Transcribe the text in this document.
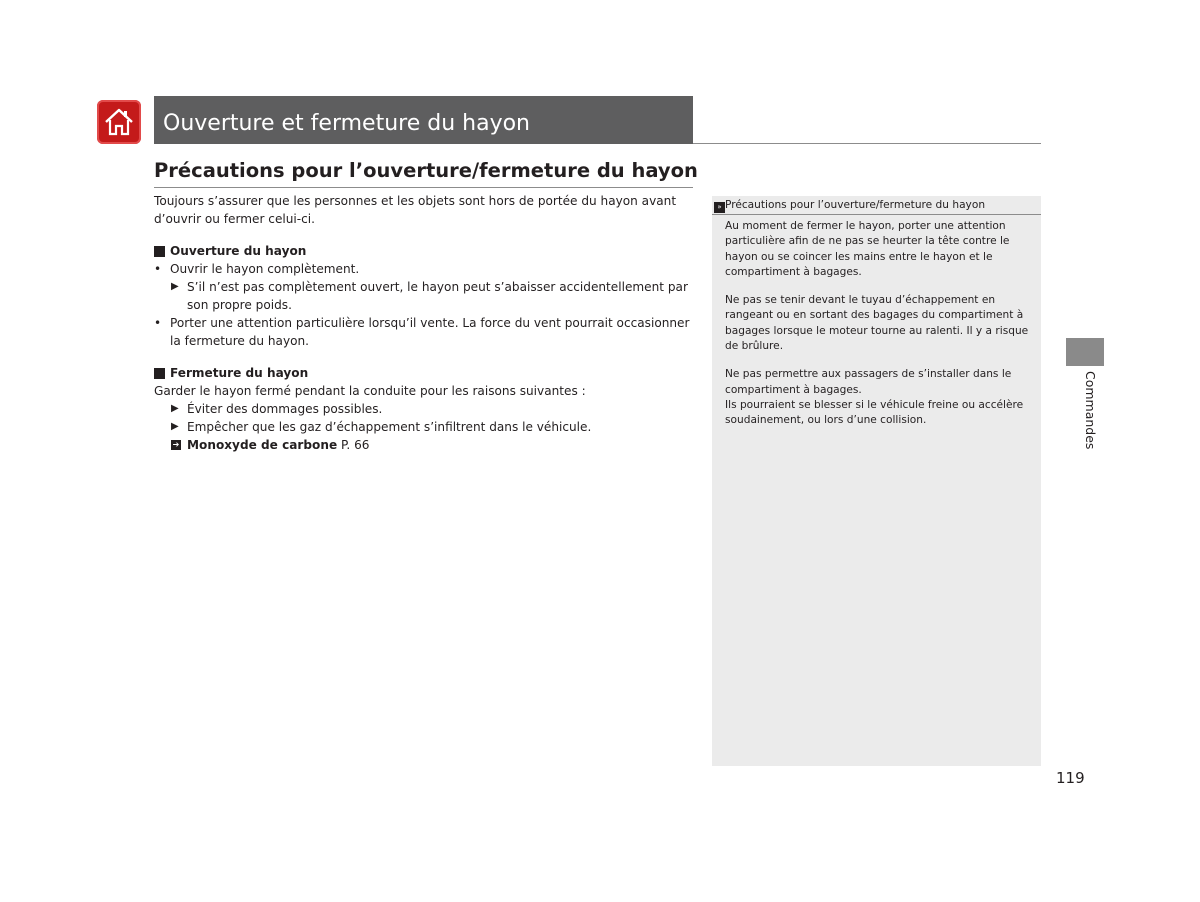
Ouverture et fermeture du hayon
Précautions pour l’ouverture/fermeture du hayon

Toujours s’assurer que les personnes et les objets sont hors de portée du hayon avant d’ouvrir ou fermer celui-ci.

Ouverture du hayon

• Ouvrir le hayon complètement.

▶ S’il n’est pas complètement ouvert, le hayon peut s’abaisser accidentellement par son propre poids.

• Porter une attention particulière lorsqu’il vente. La force du vent pourrait occasionner la fermeture du hayon.

Fermeture du hayon

Garder le hayon fermé pendant la conduite pour les raisons suivantes :

▶ Éviter des dommages possibles.

▶ Empêcher que les gaz d’échappement s’infiltrent dans le véhicule.

➔ Monoxyde de carbone P. 66

» Précautions pour l’ouverture/fermeture du hayon

Au moment de fermer le hayon, porter une attention particulière afin de ne pas se heurter la tête contre le hayon ou se coincer les mains entre le hayon et le compartiment à bagages.

Ne pas se tenir devant le tuyau d’échappement en rangeant ou en sortant des bagages du compartiment à bagages lorsque le moteur tourne au ralenti. Il y a risque de brûlure.

Ne pas permettre aux passagers de s’installer dans le compartiment à bagages.

Ils pourraient se blesser si le véhicule freine ou accélère soudainement, ou lors d’une collision.	Commandes
119
